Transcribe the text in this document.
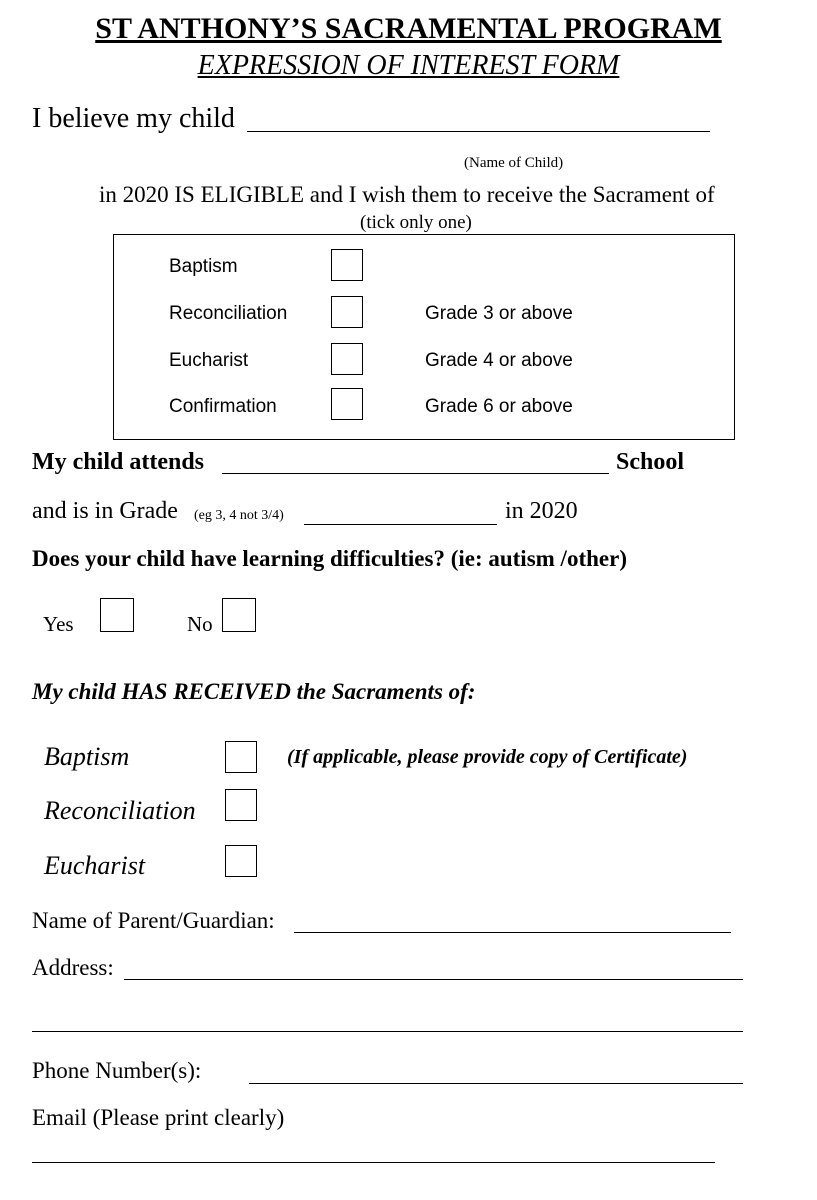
ST ANTHONY’S SACRAMENTAL PROGRAM
EXPRESSION OF INTEREST FORM
I believe my child
(Name of Child)
in 2020 IS ELIGIBLE and I wish them to receive the Sacrament of
(tick only one)
Baptism
Reconciliation	Grade 3 or above
Eucharist	Grade 4 or above
Confirmation	Grade 6 or above
My child attends	School
and is in Grade (eg 3, 4 not 3/4)	in 2020
Does your child have learning difficulties? (ie: autism /other)
Yes	No
My child HAS RECEIVED the Sacraments of:
Baptism	(If applicable, please provide copy of Certificate)
Reconciliation
Eucharist
Name of Parent/Guardian:
Address:
Phone Number(s):
Email (Please print clearly)
